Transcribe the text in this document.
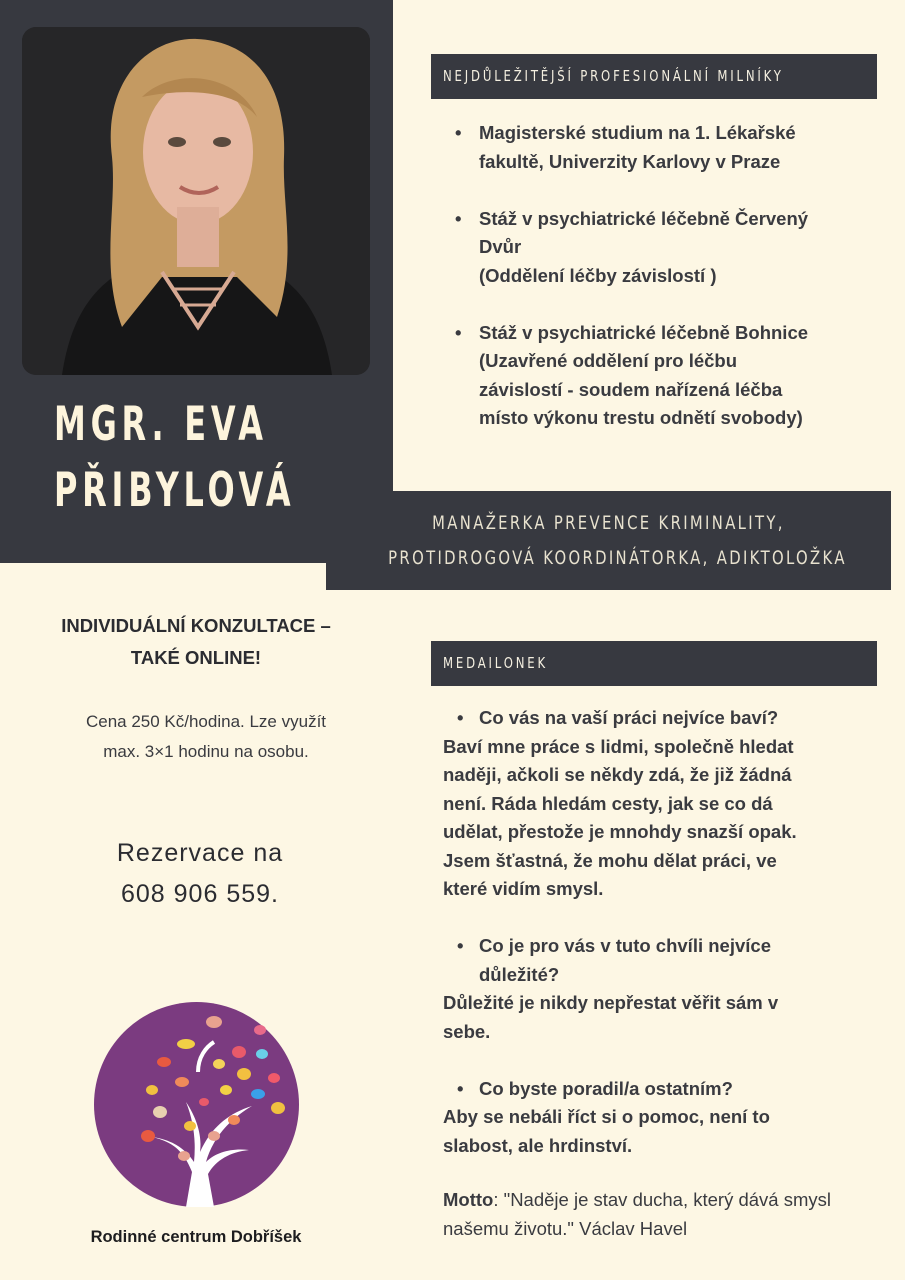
MGR. EVA
PŘIBYLOVÁ
MANAŽERKA PREVENCE KRIMINALITY,
PROTIDROGOVÁ KOORDINÁTORKA, ADIKTOLOŽKA
NEJDŮLEŽITĚJŠÍ PROFESIONÁLNÍ MILNÍKY
• Magisterské studium na 1. Lékařské
fakultě, Univerzity Karlovy v Praze
• Stáž v psychiatrické léčebně Červený
Dvůr
(Oddělení léčby závislostí )
• Stáž v psychiatrické léčebně Bohnice
(Uzavřené oddělení pro léčbu
závislostí - soudem nařízená léčba
místo výkonu trestu odnětí svobody)
MEDAILONEK
• Co vás na vaší práci nejvíce baví?
Baví mne práce s lidmi, společně hledat
naději, ačkoli se někdy zdá, že již žádná
není. Ráda hledám cesty, jak se co dá
udělat, přestože je mnohdy snazší opak.
Jsem šťastná, že mohu dělat práci, ve
které vidím smysl.
• Co je pro vás v tuto chvíli nejvíce
důležité?
Důležité je nikdy nepřestat věřit sám v
sebe.
• Co byste poradil/a ostatním?
Aby se nebáli říct si o pomoc, není to
slabost, ale hrdinství.
Motto: "Naděje je stav ducha, který dává smysl našemu životu." Václav Havel
INDIVIDUÁLNÍ KONZULTACE –
TAKÉ ONLINE!
Cena 250 Kč/hodina. Lze využít
max. 3×1 hodinu na osobu.
Rezervace na
608 906 559.
Rodinné centrum Dobříšek
